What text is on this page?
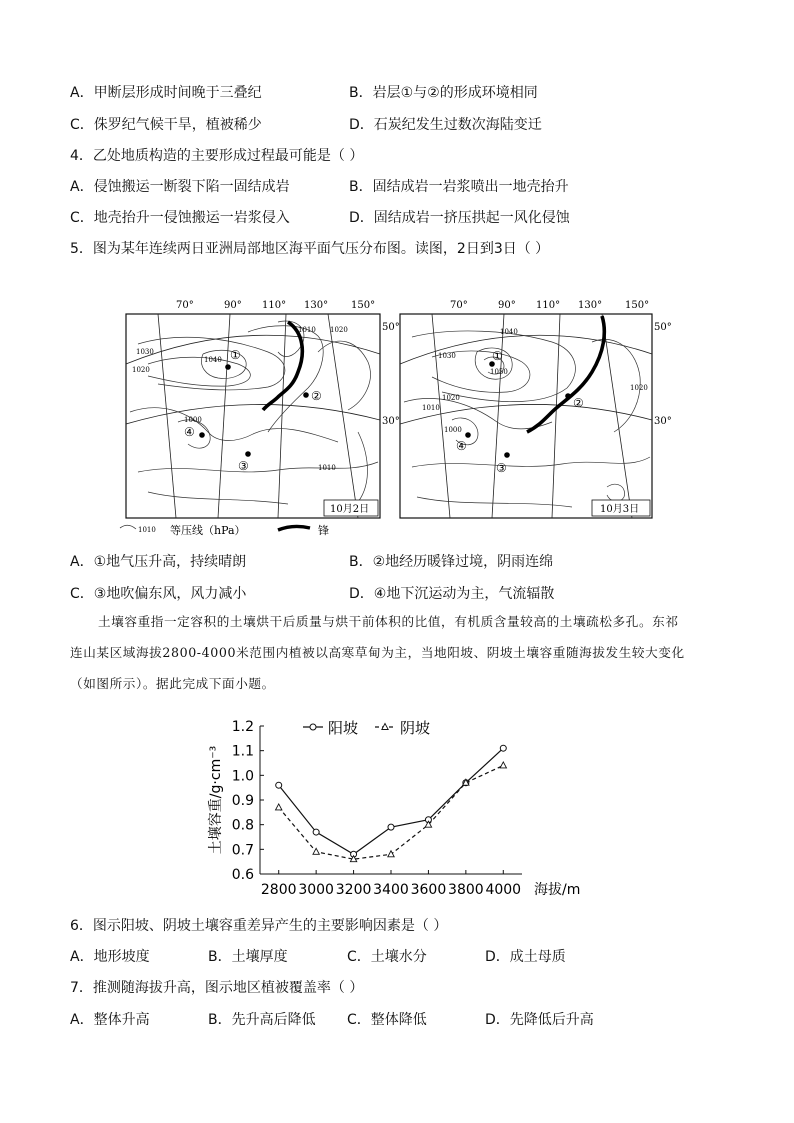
A．甲断层形成时间晚于三叠纪	B．岩层①与②的形成环境相同
C．侏罗纪气候干旱，植被稀少	D．石炭纪发生过数次海陆变迁
4．乙处地质构造的主要形成过程最可能是（ ）
A．侵蚀搬运一断裂下陷一固结成岩	B．固结成岩一岩浆喷出一地壳抬升
C．地壳抬升一侵蚀搬运一岩浆侵入	D．固结成岩一挤压拱起一风化侵蚀
5．图为某年连续两日亚洲局部地区海平面气压分布图。读图，2日到3日（ ）
70°	90° 110° 130° 150°
1030
1020
1040
1010 1020
1000
1010
①
②
③
④
10月2日
50°
30°
70°	90° 110° 130° 150°
1040
1030
1020
1050
1010
1000
1020
①
②
③
④
10月3日
50°
30°
1010 等压线（hPa）	锋
A．①地气压升高，持续晴朗	B．②地经历暖锋过境，阴雨连绵
C．③地吹偏东风，风力减小	D．④地下沉运动为主，气流辐散
土壤容重指一定容积的土壤烘干后质量与烘干前体积的比值，有机质含量较高的土壤疏松多孔。东祁
连山某区域海拔2800-4000米范围内植被以高寒草甸为主，当地阳坡、阴坡土壤容重随海拔发生较大变化
（如图所示）。据此完成下面小题。
0.6
0.7
0.8
0.9
1.0
1.1
1.2
2800 3000 3200 3400 3600 3800 4000 海拔/m
土壤容重/g·cm⁻³
阳坡	阴坡
6．图示阳坡、阴坡土壤容重差异产生的主要影响因素是（ ）
A．地形坡度	B．土壤厚度	C．土壤水分	D．成土母质
7．推测随海拔升高，图示地区植被覆盖率（ ）
A．整体升高	B．先升高后降低 C．整体降低	D．先降低后升高
